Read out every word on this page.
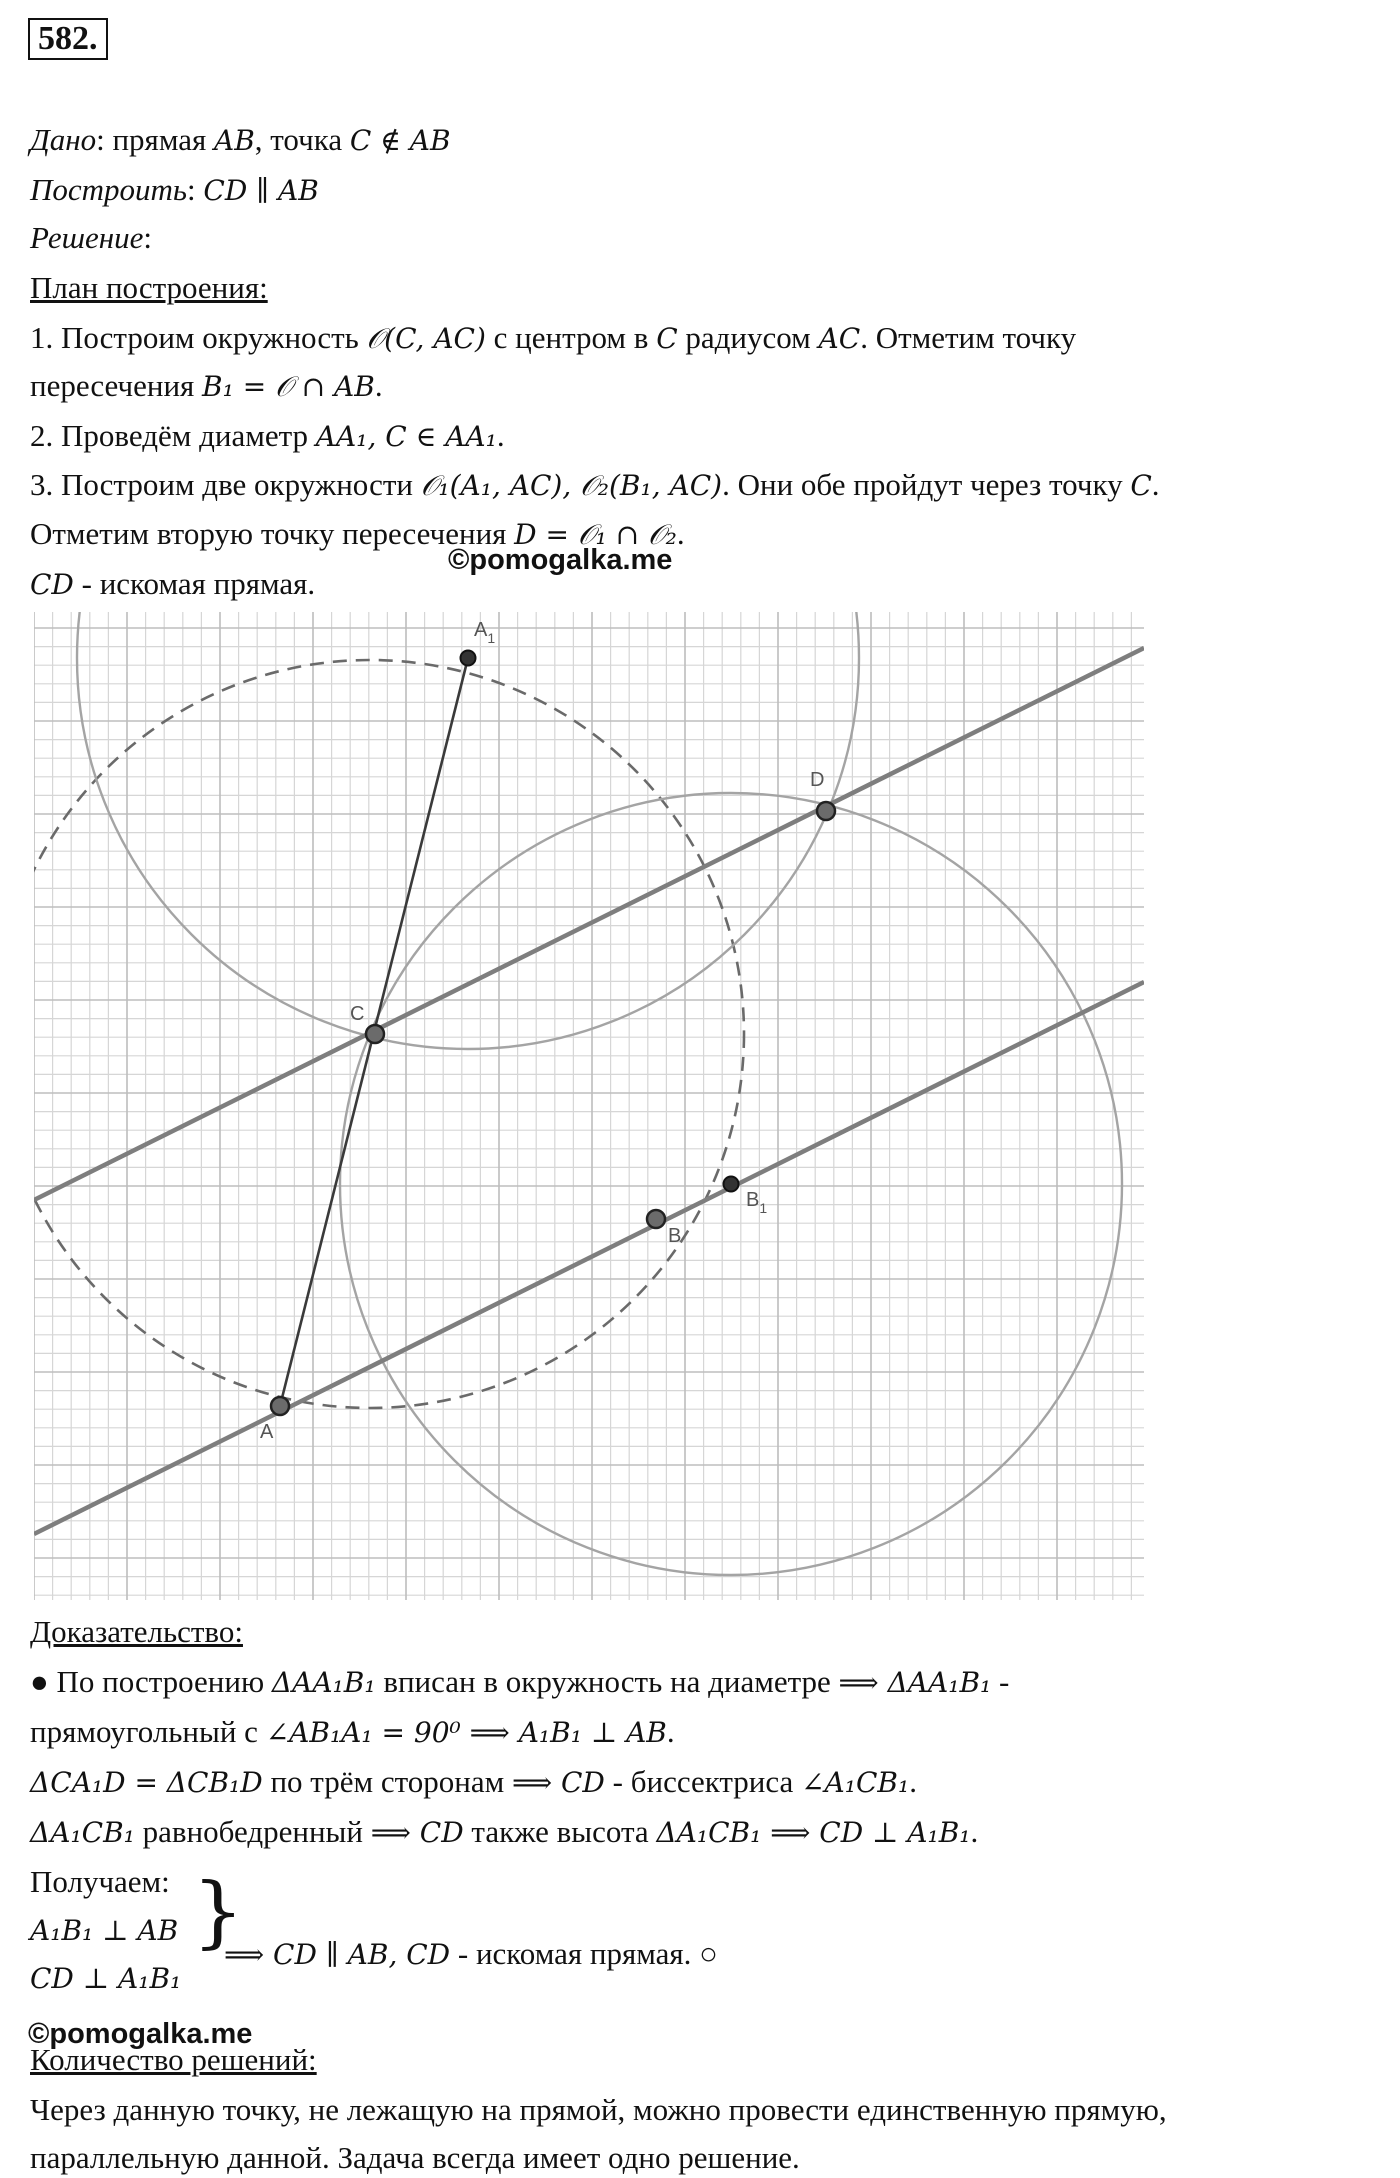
582.
Дано: прямая AB, точка C ∉ AB
Построить: CD ∥ AB
Решение:
План построения:
1. Построим окружность 𝒪(C, AC) с центром в C радиусом AC. Отметим точку
пересечения B₁ = 𝒪 ∩ AB.
2. Проведём диаметр AA₁, C ∈ AA₁.
3. Построим две окружности 𝒪₁(A₁, AC), 𝒪₂(B₁, AC). Они обе пройдут через точку C.
Отметим вторую точку пересечения D = 𝒪₁ ∩ 𝒪₂.
©pomogalka.me
CD - искомая прямая.
$A_1$
D
C
B
$B_1$
A
Доказательство:
● По построению ΔAA₁B₁ вписан в окружность на диаметре ⟹ ΔAA₁B₁ -
прямоугольный с ∠AB₁A₁ = 90⁰ ⟹ A₁B₁ ⊥ AB.
ΔCA₁D = ΔCB₁D по трём сторонам ⟹ CD - биссектриса ∠A₁CB₁.
ΔA₁CB₁ равнобедренный ⟹ CD также высота ΔA₁CB₁ ⟹ CD ⊥ A₁B₁.
Получаем:
A₁B₁ ⊥ AB
CD ⊥ A₁B₁
}
⟹ CD ∥ AB, CD - искомая прямая. ○
©pomogalka.me
Количество решений:
Через данную точку, не лежащую на прямой, можно провести единственную прямую,
параллельную данной. Задача всегда имеет одно решение.
